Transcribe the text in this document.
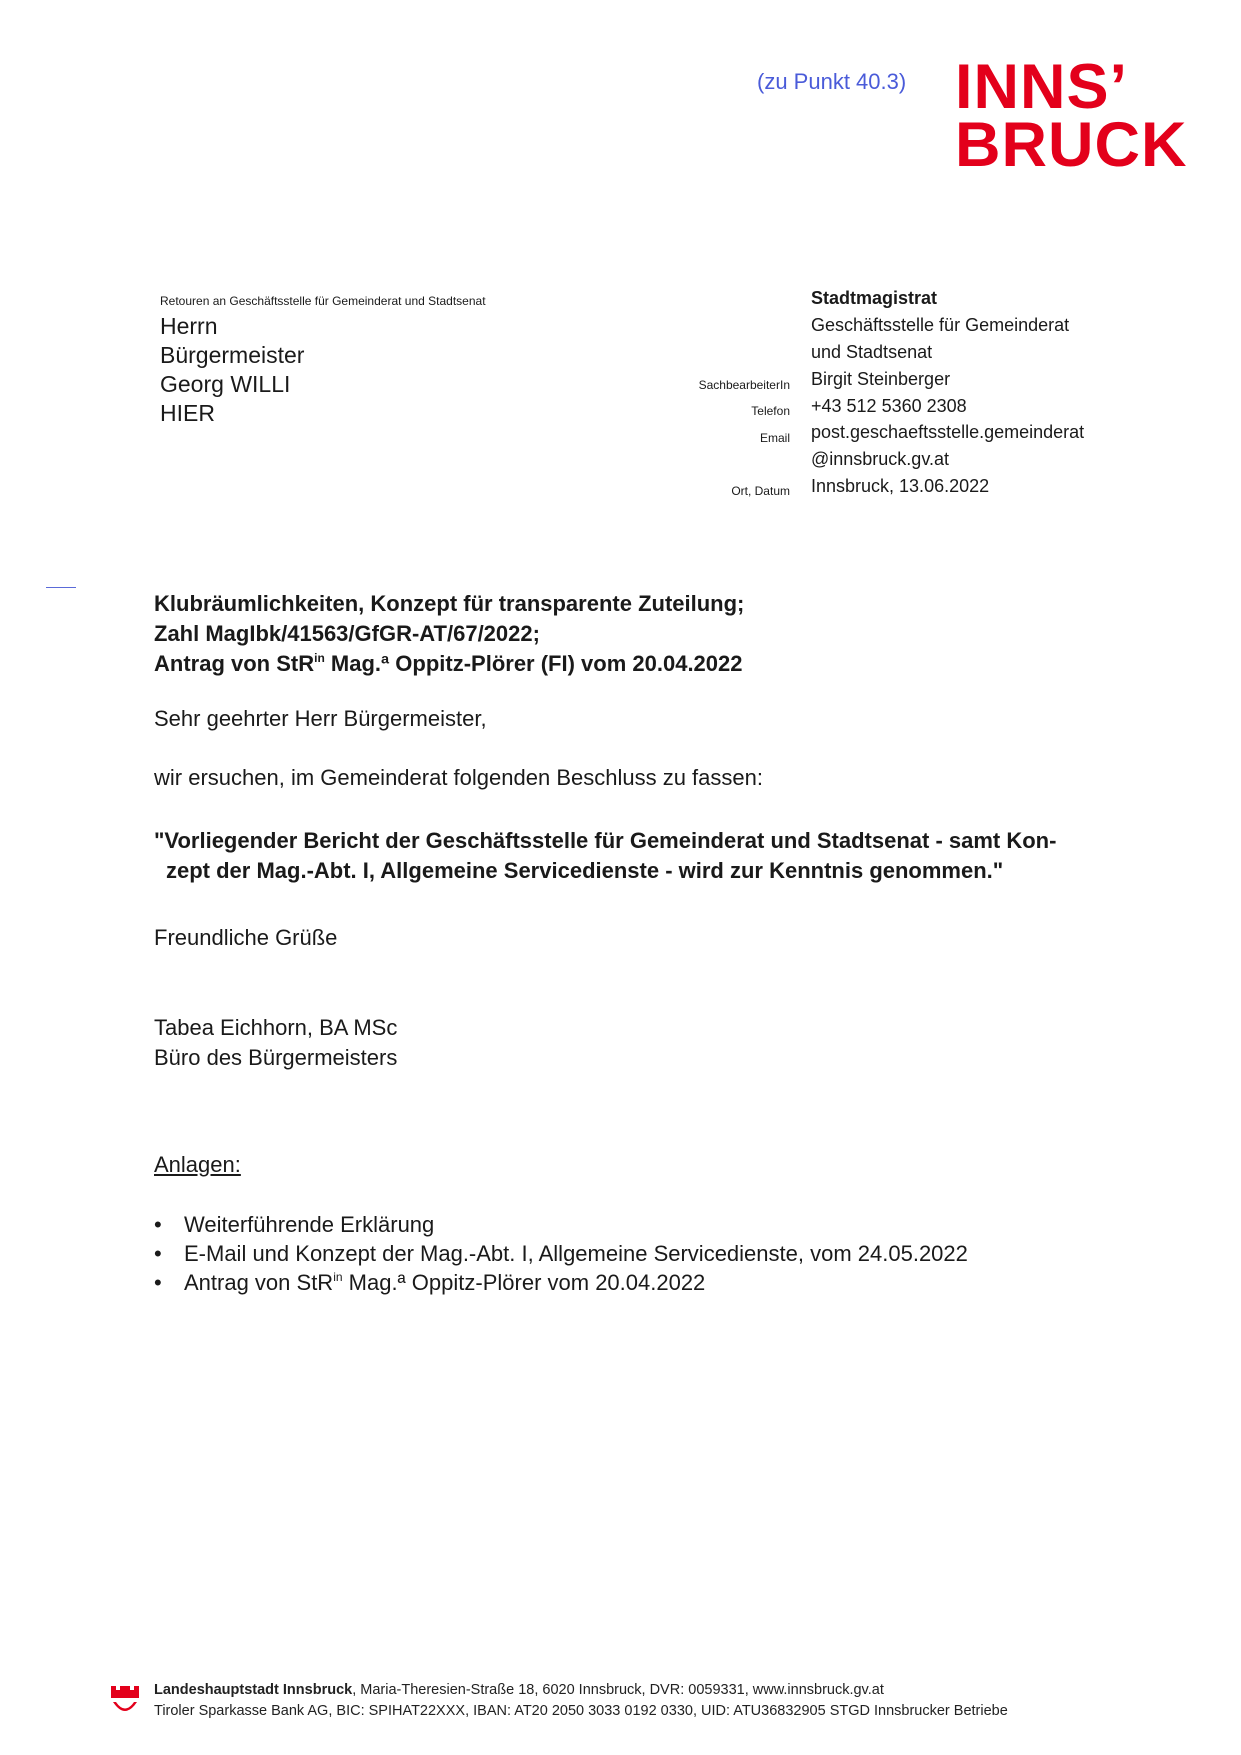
(zu Punkt 40.3) INNS’
BRUCK
Retouren an Geschäftsstelle für Gemeinderat und Stadtsenat
Herrn
Bürgermeister
Georg WILLI
HIER
Stadtmagistrat
Geschäftsstelle für Gemeinderat
und Stadtsenat
SachbearbeiterIn Birgit Steinberger
Telefon +43 512 5360 2308
Email post.geschaeftsstelle.gemeinderat
@innsbruck.gv.at
Ort, Datum Innsbruck, 13.06.2022
Klubräumlichkeiten, Konzept für transparente Zuteilung;
Zahl MagIbk/41563/GfGR-AT/67/2022;
Antrag von StR$^{in}$ Mag.ª Oppitz-Plörer (FI) vom 20.04.2022
Sehr geehrter Herr Bürgermeister,
wir ersuchen, im Gemeinderat folgenden Beschluss zu fassen:
"Vorliegender Bericht der Geschäftsstelle für Gemeinderat und Stadtsenat - samt Kon-
zept der Mag.-Abt. I, Allgemeine Servicedienste - wird zur Kenntnis genommen."
Freundliche Grüße
Tabea Eichhorn, BA MSc
Büro des Bürgermeisters
Anlagen:
• Weiterführende Erklärung
• E-Mail und Konzept der Mag.-Abt. I, Allgemeine Servicedienste, vom 24.05.2022
• Antrag von StR$^{in}$ Mag.ª Oppitz-Plörer vom 20.04.2022
Landeshauptstadt Innsbruck, Maria-Theresien-Straße 18, 6020 Innsbruck, DVR: 0059331, www.innsbruck.gv.at
Tiroler Sparkasse Bank AG, BIC: SPIHAT22XXX, IBAN: AT20 2050 3033 0192 0330, UID: ATU36832905 STGD Innsbrucker Betriebe
